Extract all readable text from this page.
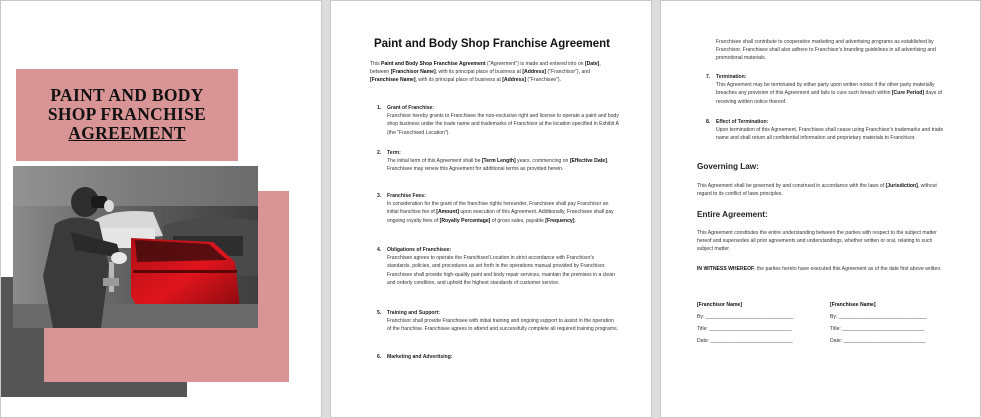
PAINT AND BODY
SHOP FRANCHISE
AGREEMENT
Paint and Body Shop Franchise Agreement
This Paint and Body Shop Franchise Agreement ("Agreement") is made and entered into on [Date], between [Franchisor Name], with its principal place of business at [Address] ("Franchisor"), and [Franchisee Name], with its principal place of business at [Address] ("Franchisee").
1. Grant of Franchise:
Franchisor hereby grants to Franchisee the non-exclusive right and license to operate a paint and body shop business under the trade name and trademarks of Franchisor at the location specified in Exhibit A (the "Franchised Location").
2. Term:
The initial term of this Agreement shall be [Term Length] years, commencing on [Effective Date]. Franchisee may renew this Agreement for additional terms as provided herein.
3. Franchise Fees:
In consideration for the grant of the franchise rights hereunder, Franchisee shall pay Franchisor an initial franchise fee of [Amount] upon execution of this Agreement. Additionally, Franchisee shall pay ongoing royalty fees of [Royalty Percentage] of gross sales, payable [Frequency].
4. Obligations of Franchisee:
Franchisee agrees to operate the Franchised Location in strict accordance with Franchisor's standards, policies, and procedures as set forth in the operations manual provided by Franchisor. Franchisee shall provide high-quality paint and body repair services, maintain the premises in a clean and orderly condition, and uphold the highest standards of customer service.
5. Training and Support:
Franchisor shall provide Franchisee with initial training and ongoing support to assist in the operation of the franchise. Franchisee agrees to attend and successfully complete all required training programs.
6. Marketing and Advertising:
Franchisee shall contribute to cooperative marketing and advertising programs as established by Franchisor. Franchisee shall also adhere to Franchisor's branding guidelines in all advertising and promotional materials.
7. Termination:
This Agreement may be terminated by either party upon written notice if the other party materially breaches any provision of this Agreement and fails to cure such breach within [Cure Period] days of receiving written notice thereof.
8. Effect of Termination:
Upon termination of this Agreement, Franchisee shall cease using Franchisor's trademarks and trade name and shall return all confidential information and proprietary materials to Franchisor.
Governing Law:
This Agreement shall be governed by and construed in accordance with the laws of [Jurisdiction], without regard to its conflict of laws principles.
Entire Agreement:
This Agreement constitutes the entire understanding between the parties with respect to the subject matter hereof and supersedes all prior agreements and understandings, whether written or oral, relating to such subject matter.
IN WITNESS WHEREOF, the parties hereto have executed this Agreement as of the date first above written.
[Franchisor Name]
By: _______________________________
Title: _____________________________
Date: _____________________________
[Franchisee Name]
By: _______________________________
Title: _____________________________
Date: _____________________________
